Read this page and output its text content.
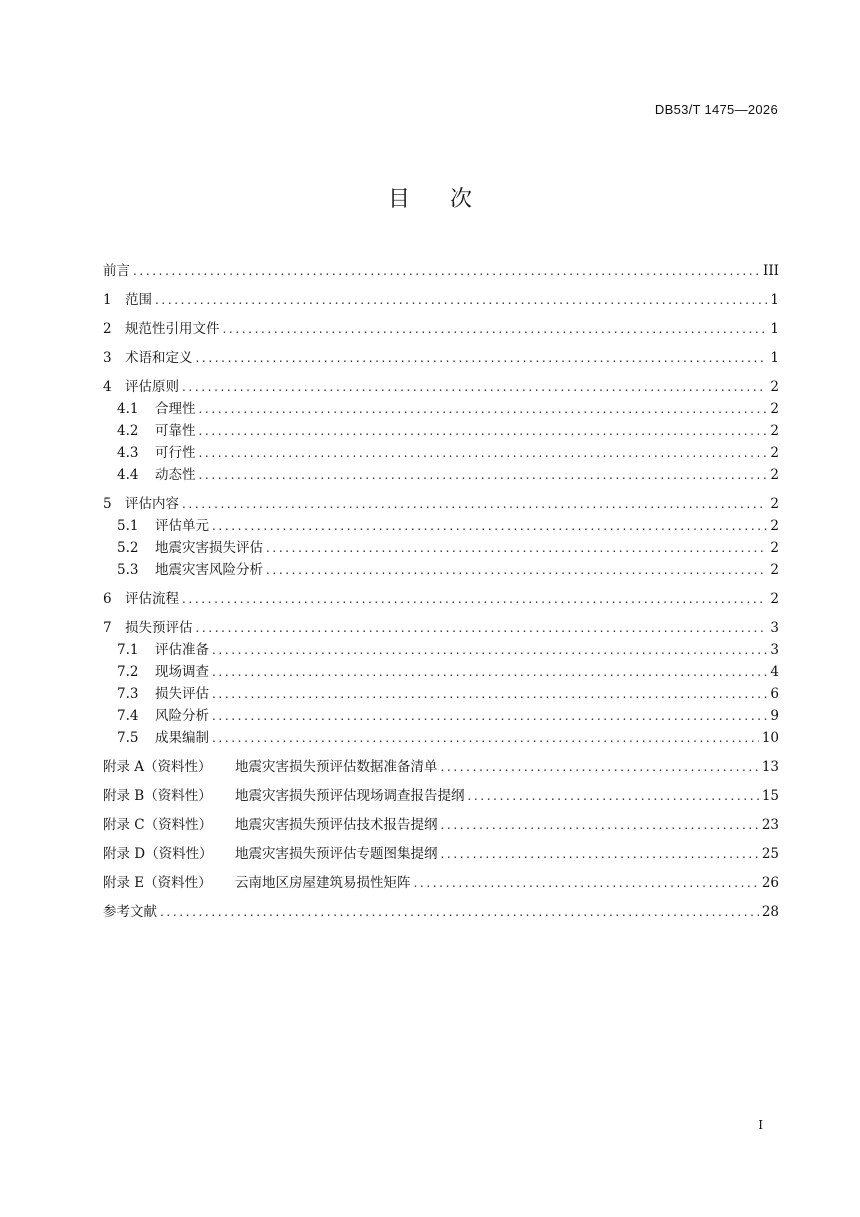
DB53/T 1475—2026
目 次
前言 .....	III
1 范围 .....	1
2 规范性引用文件 .....	1
3 术语和定义 .....	1
4 评估原则 .....	2
4.1	合理性 .....	2
4.2	可靠性 .....	2
4.3	可行性 .....	2
4.4	动态性 .....	2
5 评估内容 .....	2
5.1	评估单元 .....	2
5.2	地震灾害损失评估 .....	2
5.3	地震灾害风险分析 .....	2
6 评估流程 .....	2
7 损失预评估 .....	3
7.1	评估准备 .....	3
7.2	现场调查 .....	4
7.3	损失评估 .....	6
7.4	风险分析 .....	9
7.5	成果编制 .....	10
附录 A（资料性）	地震灾害损失预评估数据准备清单 .....	13
附录 B（资料性）	地震灾害损失预评估现场调查报告提纲 .....	15
附录 C（资料性）	地震灾害损失预评估技术报告提纲 .....	23
附录 D（资料性）	地震灾害损失预评估专题图集提纲 .....	25
附录 E（资料性）	云南地区房屋建筑易损性矩阵 .....	26
参考文献 .....	28
I
